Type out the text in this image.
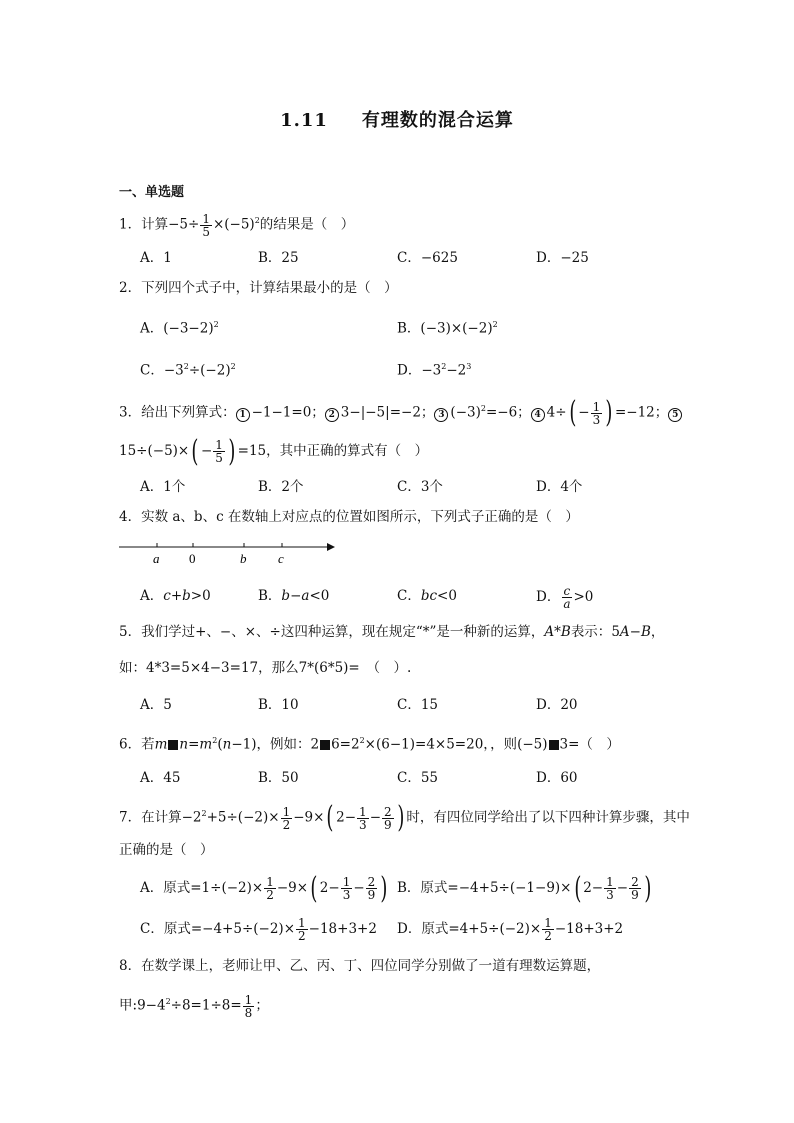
1.11 有理数的混合运算
一、单选题
1．计算$-5\div \frac{1}{5} \times(-5)^2$的结果是（　）
A．1	B．25	C．−625	D．−25
2．下列四个式子中，计算结果最小的是（　）
A．$(-3-2)^2$	B．$(-3)\times(-2)^2$
C．$-3^2\div(-2)^2$	D．$-3^2-2^3$
3．给出下列算式： 1 −1−1=0； 2 3−|−5|=−2； 3 $(-3)^2=-6$； 4 $4\div( - \frac{1}{3}$ ) =−12； 5
$15\div(-5)\times( - \frac{1}{5}$ ) =15，其中正确的算式有（　）
A．1个	B．2个	C．3个	D．4个
4．实数 a、b、c 在数轴上对应点的位置如图所示，下列式子正确的是（　）
a 0	b c
A．c+b>0	B．b−a<0	C．bc<0	D． $\frac{c}{a} >0$
5．我们学过+、−、×、÷这四种运算，现在规定“*”是一种新的运算，A*B表示：5A−B，
如：4*3=5×4−3=17，那么7*(6*5)=　（　）.
A．5	B．10	C．15	D．20
6．若m $n=m^2(n-1)$，例如：2 $6=2^2\times(6-1)=4\times 5=20$，，则(−5) 3=（　）
A．45	B．50	C．55	D．60
7．在计算$-2^2+5\div(-2)\times \frac{1}{2} -9\times$( $2- \frac{1}{3} - \frac{2}{9}$ ) 时，有四位同学给出了以下四种计算步骤，其中
正确的是（　）
A．原式$=1\div(-2)\times \frac{1}{2} -9\times$( $2- \frac{1}{3} - \frac{2}{9}$ ) B．原式=−4+5÷(−1−9)×( $2- \frac{1}{3} - \frac{2}{9}$ )
C．原式$=-4+5\div(-2)\times \frac{1}{2} -18+3+2$ D．原式$=4+5\div(-2)\times \frac{1}{2} -18+3+2$
8．在数学课上，老师让甲、乙、丙、丁、四位同学分别做了一道有理数运算题，
甲$:9-4^2\div 8=1\div 8= \frac{1}{8}$ ；
